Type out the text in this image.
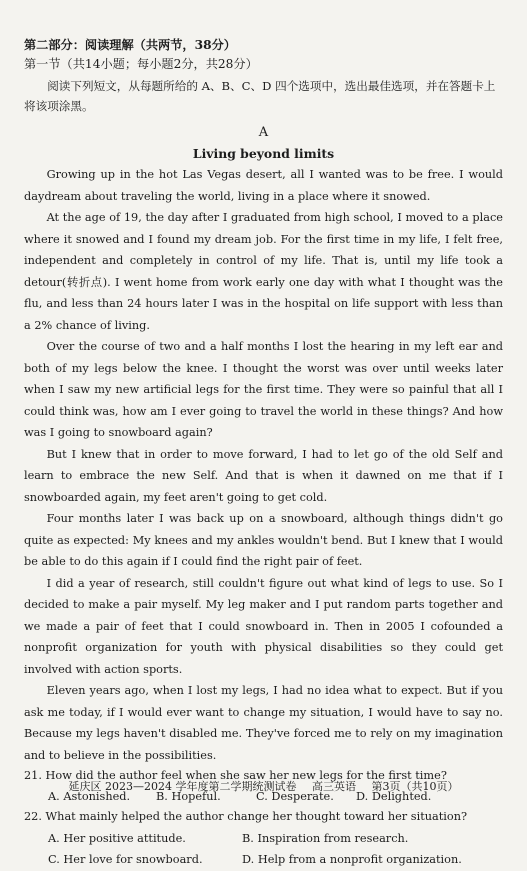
第二部分：阅读理解（共两节，38分）
第一节（共14小题；每小题2分，共28分）

阅读下列短文，从每题所给的 A、B、C、D 四个选项中，选出最佳选项，并在答题卡上将该项涂黑。

A
Living beyond limits

Growing up in the hot Las Vegas desert, all I wanted was to be free. I would daydream about traveling the world, living in a place where it snowed.

At the age of 19, the day after I graduated from high school, I moved to a place where it snowed and I found my dream job. For the first time in my life, I felt free, independent and completely in control of my life. That is, until my life took a detour(转折点). I went home from work early one day with what I thought was the flu, and less than 24 hours later I was in the hospital on life support with less than a 2% chance of living.

Over the course of two and a half months I lost the hearing in my left ear and both of my legs below the knee. I thought the worst was over until weeks later when I saw my new artificial legs for the first time. They were so painful that all I could think was, how am I ever going to travel the world in these things? And how was I going to snowboard again?

But I knew that in order to move forward, I had to let go of the old Self and learn to embrace the new Self. And that is when it dawned on me that if I snowboarded again, my feet aren't going to get cold.

Four months later I was back up on a snowboard, although things didn't go quite as expected: My knees and my ankles wouldn't bend. But I knew that I would be able to do this again if I could find the right pair of feet.

I did a year of research, still couldn't figure out what kind of legs to use. So I decided to make a pair myself. My leg maker and I put random parts together and we made a pair of feet that I could snowboard in. Then in 2005 I cofounded a nonprofit organization for youth with physical disabilities so they could get involved with action sports.

Eleven years ago, when I lost my legs, I had no idea what to expect. But if you ask me today, if I would ever want to change my situation, I would have to say no. Because my legs haven't disabled me. They've forced me to rely on my imagination and to believe in the possibilities.

21. How did the author feel when she saw her new legs for the first time?

A. Astonished.	B. Hopeful.	C. Desperate.	D. Delighted.

22. What mainly helped the author change her thought toward her situation?

A. Her positive attitude.	B. Inspiration from research.
C. Her love for snowboard.	D. Help from a nonprofit organization.
延庆区 2023—2024 学年度第二学期统测试卷 高三英语 第3页（共10页）
